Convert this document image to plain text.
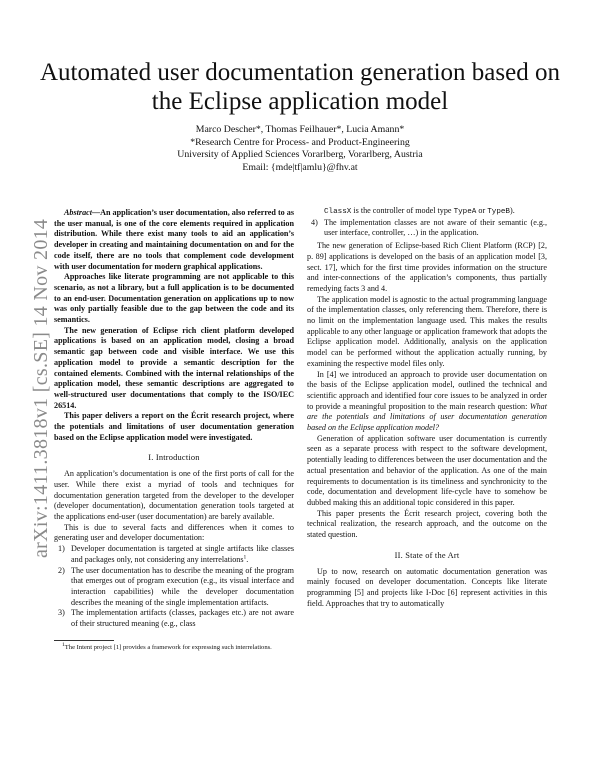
Automated user documentation generation based on the Eclipse application model
Marco Descher*, Thomas Feilhauer*, Lucia Amann*
*Research Centre for Process- and Product-Engineering
University of Applied Sciences Vorarlberg, Vorarlberg, Austria
Email: {mde|tf|amlu}@fhv.at
arXiv:1411.3818v1 [cs.SE] 14 Nov 2014

Abstract—An application’s user documentation, also referred to as the user manual, is one of the core elements required in application distribution. While there exist many tools to aid an application’s developer in creating and maintaining documentation on and for the code itself, there are no tools that complement code development with user documentation for modern graphical applications.

Approaches like literate programming are not applicable to this scenario, as not a library, but a full application is to be documented to an end-user. Documentation generation on applications up to now was only partially feasible due to the gap between the code and its semantics.

The new generation of Eclipse rich client platform developed applications is based on an application model, closing a broad semantic gap between code and visible interface. We use this application model to provide a semantic description for the contained elements. Combined with the internal relationships of the application model, these semantic descriptions are aggregated to well-structured user documentations that comply to the ISO/IEC 26514.

This paper delivers a report on the Écrit research project, where the potentials and limitations of user documentation generation based on the Eclipse application model were investigated.

I. Introduction

An application’s documentation is one of the first ports of call for the user. While there exist a myriad of tools and techniques for documentation generation targeted from the developer to the developer (developer documentation), documentation generation tools targeted at the applications end-user (user documentation) are barely available.

This is due to several facts and differences when it comes to generating user and developer documentation:

1) Developer documentation is targeted at single artifacts like classes and packages only, not considering any interrelations$^1$.
2) The user documentation has to describe the meaning of the program that emerges out of program execution (e.g., its visual interface and interaction capabilities) while the developer documentation describes the meaning of the single implementation artifacts.
3) The implementation artifacts (classes, packages etc.) are not aware of their structured meaning (e.g., class

$^1$The Intent project [1] provides a framework for expressing such interrelations.

ClassX is the controller of model type TypeA or TypeB).

4) The implementation classes are not aware of their semantic (e.g., user interface, controller, …) in the application.

The new generation of Eclipse-based Rich Client Platform (RCP) [2, p. 89] applications is developed on the basis of an application model [3, sect. 17], which for the first time provides information on the structure and inter-connections of the application’s components, thus partially remedying facts 3 and 4.

The application model is agnostic to the actual programming language of the implementation classes, only referencing them. Therefore, there is no limit on the implementation language used. This makes the results applicable to any other language or application framework that adopts the Eclipse application model. Additionally, analysis on the application model can be performed without the application actually running, by examining the respective model files only.

In [4] we introduced an approach to provide user documentation on the basis of the Eclipse application model, outlined the technical and scientific approach and identified four core issues to be analyzed in order to provide a meaningful proposition to the main research question: What are the potentials and limitations of user documentation generation based on the Eclipse application model?

Generation of application software user documentation is currently seen as a separate process with respect to the software development, potentially leading to differences between the user documentation and the actual presentation and behavior of the application. As one of the main requirements to documentation is its timeliness and synchronicity to the code, documentation and development life-cycle have to somehow be dubbed making this an additional topic considered in this paper.

This paper presents the Écrit research project, covering both the technical realization, the research approach, and the outcome on the stated question.

II. State of the Art

Up to now, research on automatic documentation generation was mainly focused on developer documentation. Concepts like literate programming [5] and projects like I-Doc [6] represent activities in this field. Approaches that try to automatically
